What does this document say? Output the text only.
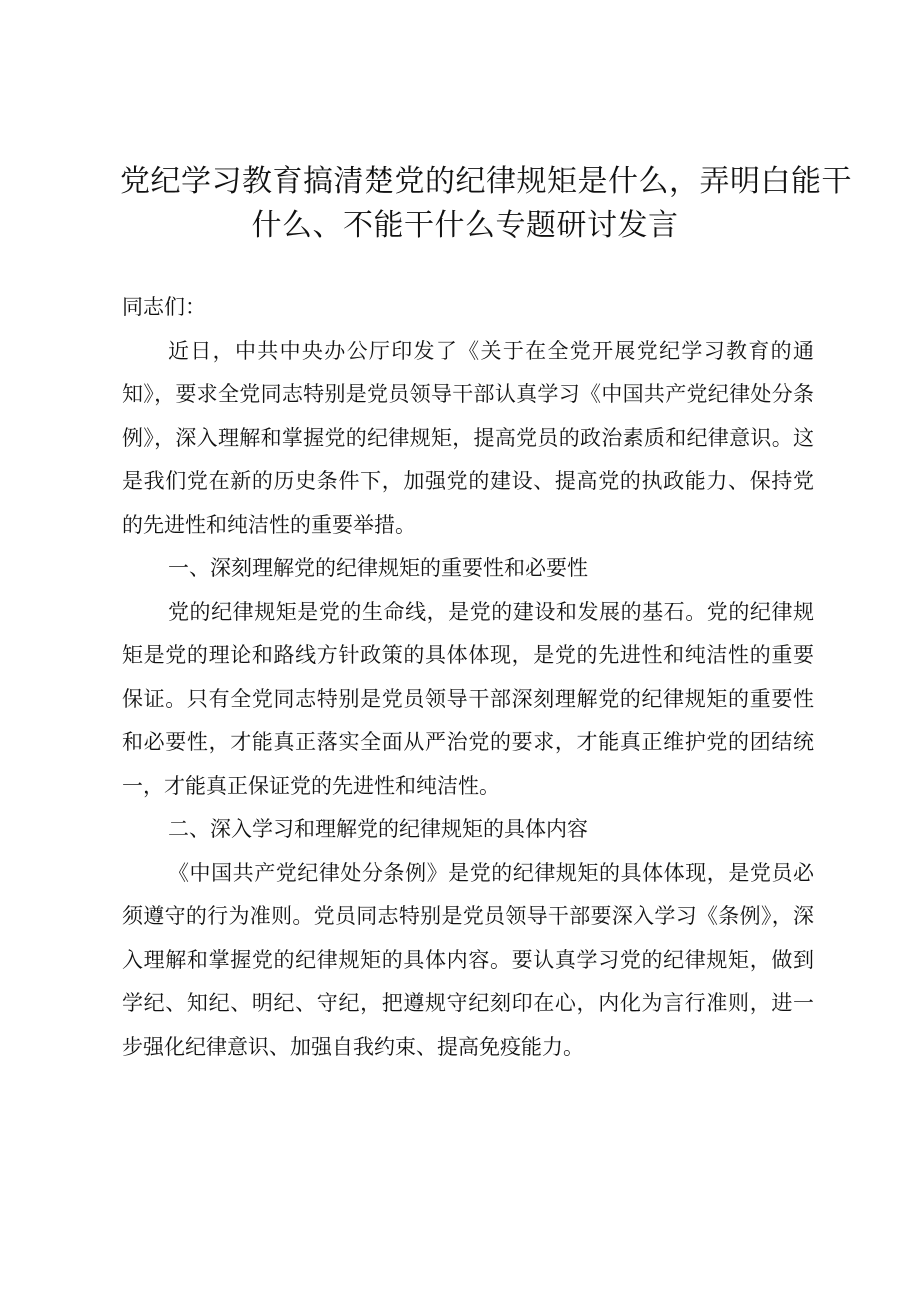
党纪学习教育搞清楚党的纪律规矩是什么，弄明白能干
什么、不能干什么专题研讨发言

同志们：

近日，中共中央办公厅印发了《关于在全党开展党纪学习教育的通知》，要求全党同志特别是党员领导干部认真学习《中国共产党纪律处分条例》，深入理解和掌握党的纪律规矩，提高党员的政治素质和纪律意识。这是我们党在新的历史条件下，加强党的建设、提高党的执政能力、保持党的先进性和纯洁性的重要举措。

一、深刻理解党的纪律规矩的重要性和必要性

党的纪律规矩是党的生命线，是党的建设和发展的基石。党的纪律规矩是党的理论和路线方针政策的具体体现，是党的先进性和纯洁性的重要保证。只有全党同志特别是党员领导干部深刻理解党的纪律规矩的重要性和必要性，才能真正落实全面从严治党的要求，才能真正维护党的团结统一，才能真正保证党的先进性和纯洁性。

二、深入学习和理解党的纪律规矩的具体内容

《中国共产党纪律处分条例》是党的纪律规矩的具体体现，是党员必须遵守的行为准则。党员同志特别是党员领导干部要深入学习《条例》，深入理解和掌握党的纪律规矩的具体内容。要认真学习党的纪律规矩，做到学纪、知纪、明纪、守纪，把遵规守纪刻印在心，内化为言行准则，进一步强化纪律意识、加强自我约束、提高免疫能力。
